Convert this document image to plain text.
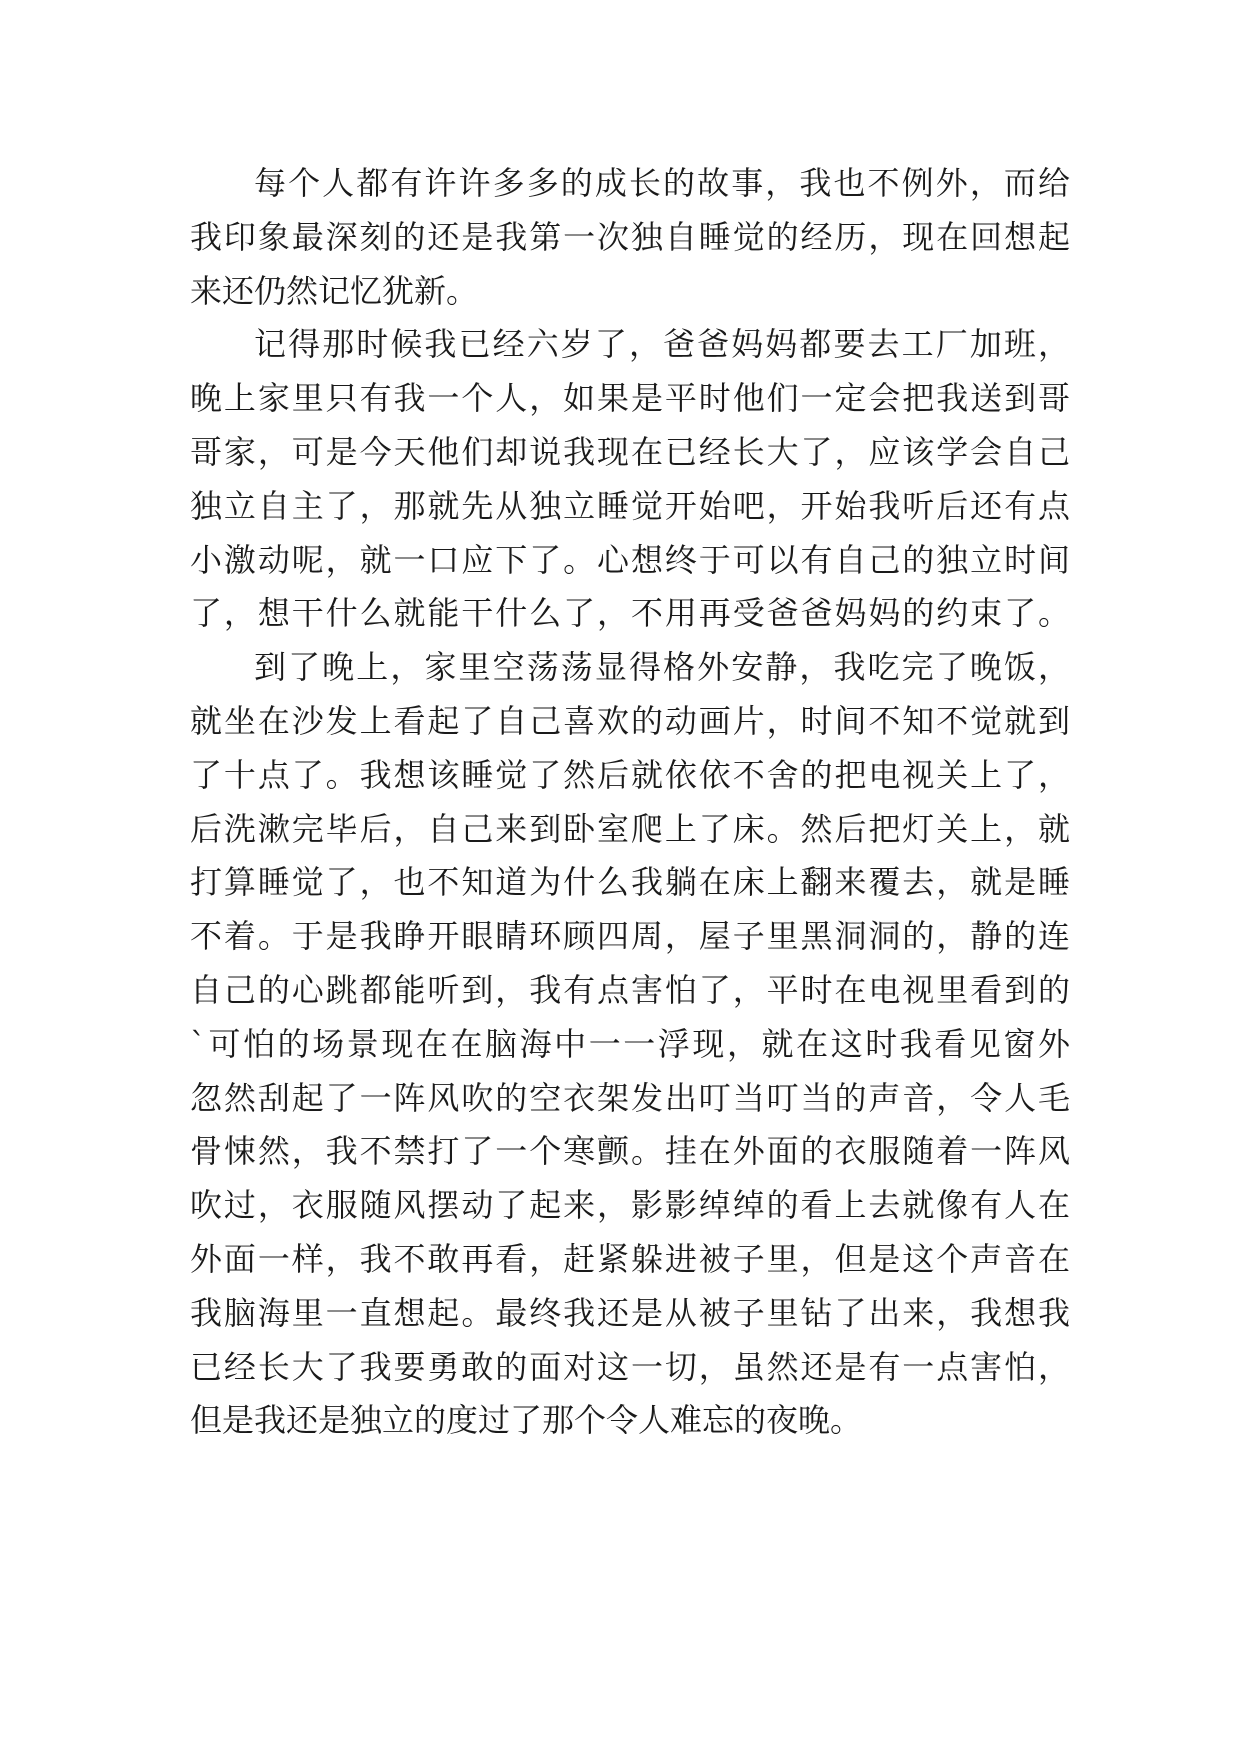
每个人都有许许多多的成长的故事，我也不例外，而给
我印象最深刻的还是我第一次独自睡觉的经历，现在回想起
来还仍然记忆犹新。
记得那时候我已经六岁了，爸爸妈妈都要去工厂加班，
晚上家里只有我一个人，如果是平时他们一定会把我送到哥
哥家，可是今天他们却说我现在已经长大了，应该学会自己
独立自主了，那就先从独立睡觉开始吧，开始我听后还有点
小激动呢，就一口应下了。心想终于可以有自己的独立时间
了，想干什么就能干什么了，不用再受爸爸妈妈的约束了。
到了晚上，家里空荡荡显得格外安静，我吃完了晚饭，
就坐在沙发上看起了自己喜欢的动画片，时间不知不觉就到
了十点了。我想该睡觉了然后就依依不舍的把电视关上了，
后洗漱完毕后，自己来到卧室爬上了床。然后把灯关上，就
打算睡觉了，也不知道为什么我躺在床上翻来覆去，就是睡
不着。于是我睁开眼睛环顾四周，屋子里黑洞洞的，静的连
自己的心跳都能听到，我有点害怕了，平时在电视里看到的
`可怕的场景现在在脑海中一一浮现，就在这时我看见窗外
忽然刮起了一阵风吹的空衣架发出叮当叮当的声音，令人毛
骨悚然，我不禁打了一个寒颤。挂在外面的衣服随着一阵风
吹过，衣服随风摆动了起来，影影绰绰的看上去就像有人在
外面一样，我不敢再看，赶紧躲进被子里，但是这个声音在
我脑海里一直想起。最终我还是从被子里钻了出来，我想我
已经长大了我要勇敢的面对这一切，虽然还是有一点害怕，
但是我还是独立的度过了那个令人难忘的夜晚。
